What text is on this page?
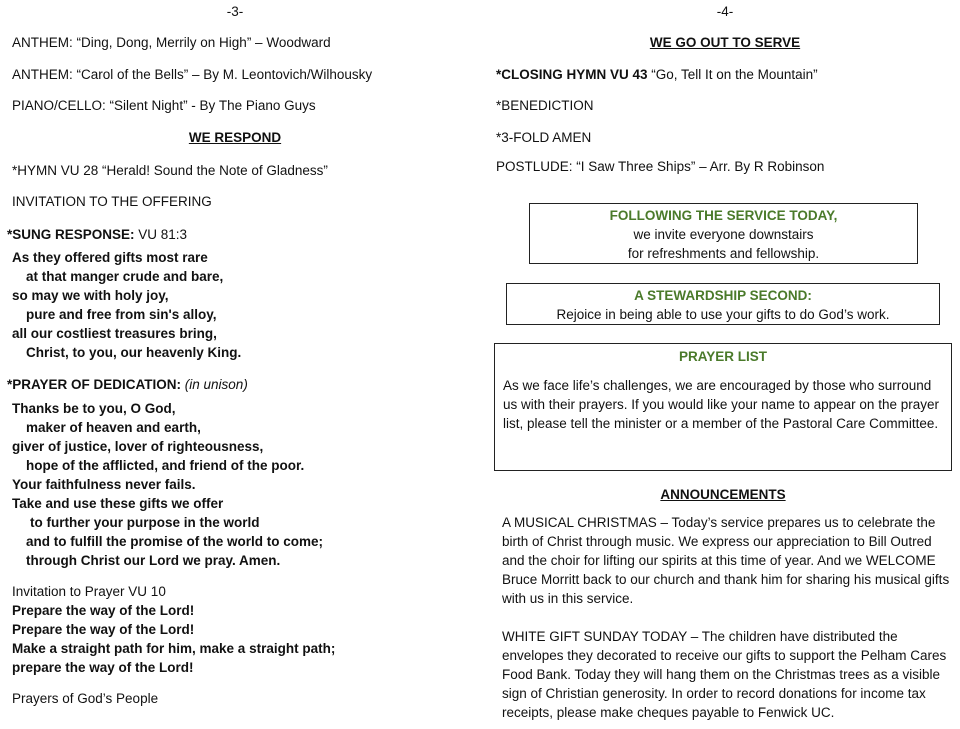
-3-
ANTHEM: “Ding, Dong, Merrily on High” – Woodward
ANTHEM: “Carol of the Bells” – By M. Leontovich/Wilhousky
PIANO/CELLO: “Silent Night” - By The Piano Guys
WE RESPOND
*HYMN VU 28 “Herald! Sound the Note of Gladness”
INVITATION TO THE OFFERING
*SUNG RESPONSE: VU 81:3
As they offered gifts most rare
at that manger crude and bare,
so may we with holy joy,
pure and free from sin's alloy,
all our costliest treasures bring,
Christ, to you, our heavenly King.
*PRAYER OF DEDICATION: (in unison)
Thanks be to you, O God,
maker of heaven and earth,
giver of justice, lover of righteousness,
hope of the afflicted, and friend of the poor.
Your faithfulness never fails.
Take and use these gifts we offer
to further your purpose in the world
and to fulfill the promise of the world to come;
through Christ our Lord we pray. Amen.
Invitation to Prayer VU 10
Prepare the way of the Lord!
Prepare the way of the Lord!
Make a straight path for him, make a straight path;
prepare the way of the Lord!
Prayers of God’s People
-4-
WE GO OUT TO SERVE
*CLOSING HYMN VU 43 “Go, Tell It on the Mountain”
*BENEDICTION
*3-FOLD AMEN
POSTLUDE: “I Saw Three Ships” – Arr. By R Robinson
FOLLOWING THE SERVICE TODAY,
we invite everyone downstairs
for refreshments and fellowship.
A STEWARDSHIP SECOND:
Rejoice in being able to use your gifts to do God’s work.
PRAYER LIST
As we face life’s challenges, we are encouraged by those who surround us with their prayers. If you would like your name to appear on the prayer list, please tell the minister or a member of the Pastoral Care Committee.
ANNOUNCEMENTS
A MUSICAL CHRISTMAS – Today’s service prepares us to celebrate the birth of Christ through music. We express our appreciation to Bill Outred and the choir for lifting our spirits at this time of year. And we WELCOME Bruce Morritt back to our church and thank him for sharing his musical gifts with us in this service.
WHITE GIFT SUNDAY TODAY – The children have distributed the envelopes they decorated to receive our gifts to support the Pelham Cares Food Bank. Today they will hang them on the Christmas trees as a visible sign of Christian generosity. In order to record donations for income tax receipts, please make cheques payable to Fenwick UC.
